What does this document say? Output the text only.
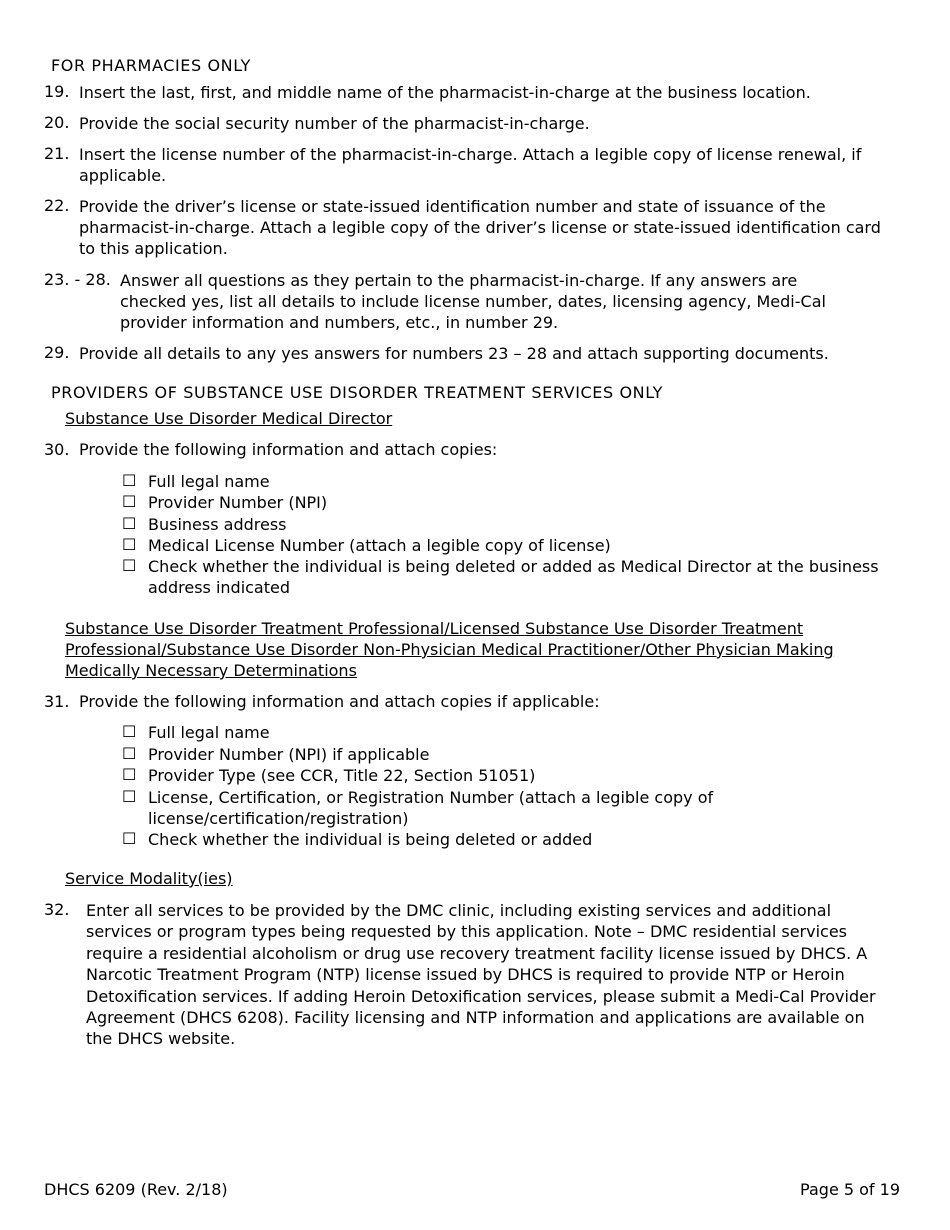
FOR PHARMACIES ONLY
19. Insert the last, first, and middle name of the pharmacist-in-charge at the business location.
20. Provide the social security number of the pharmacist-in-charge.
21. Insert the license number of the pharmacist-in-charge. Attach a legible copy of license renewal, if
applicable.
22. Provide the driver’s license or state-issued identification number and state of issuance of the
pharmacist-in-charge. Attach a legible copy of the driver’s license or state-issued identification card
to this application.
23. - 28. Answer all questions as they pertain to the pharmacist-in-charge. If any answers are
checked yes, list all details to include license number, dates, licensing agency, Medi-Cal
provider information and numbers, etc., in number 29.
29. Provide all details to any yes answers for numbers 23 – 28 and attach supporting documents.
PROVIDERS OF SUBSTANCE USE DISORDER TREATMENT SERVICES ONLY
Substance Use Disorder Medical Director
30. Provide the following information and attach copies:
☐ Full legal name
☐ Provider Number (NPI)
☐ Business address
☐ Medical License Number (attach a legible copy of license)
☐ Check whether the individual is being deleted or added as Medical Director at the business
address indicated
Substance Use Disorder Treatment Professional/Licensed Substance Use Disorder Treatment
Professional/Substance Use Disorder Non-Physician Medical Practitioner/Other Physician Making
Medically Necessary Determinations
31. Provide the following information and attach copies if applicable:
☐ Full legal name
☐ Provider Number (NPI) if applicable
☐ Provider Type (see CCR, Title 22, Section 51051)
☐ License, Certification, or Registration Number (attach a legible copy of
license/certification/registration)
☐ Check whether the individual is being deleted or added
Service Modality(ies)
32. Enter all services to be provided by the DMC clinic, including existing services and additional
services or program types being requested by this application. Note – DMC residential services
require a residential alcoholism or drug use recovery treatment facility license issued by DHCS. A
Narcotic Treatment Program (NTP) license issued by DHCS is required to provide NTP or Heroin
Detoxification services. If adding Heroin Detoxification services, please submit a Medi-Cal Provider
Agreement (DHCS 6208). Facility licensing and NTP information and applications are available on
the DHCS website.
DHCS 6209 (Rev. 2/18)	Page 5 of 19
